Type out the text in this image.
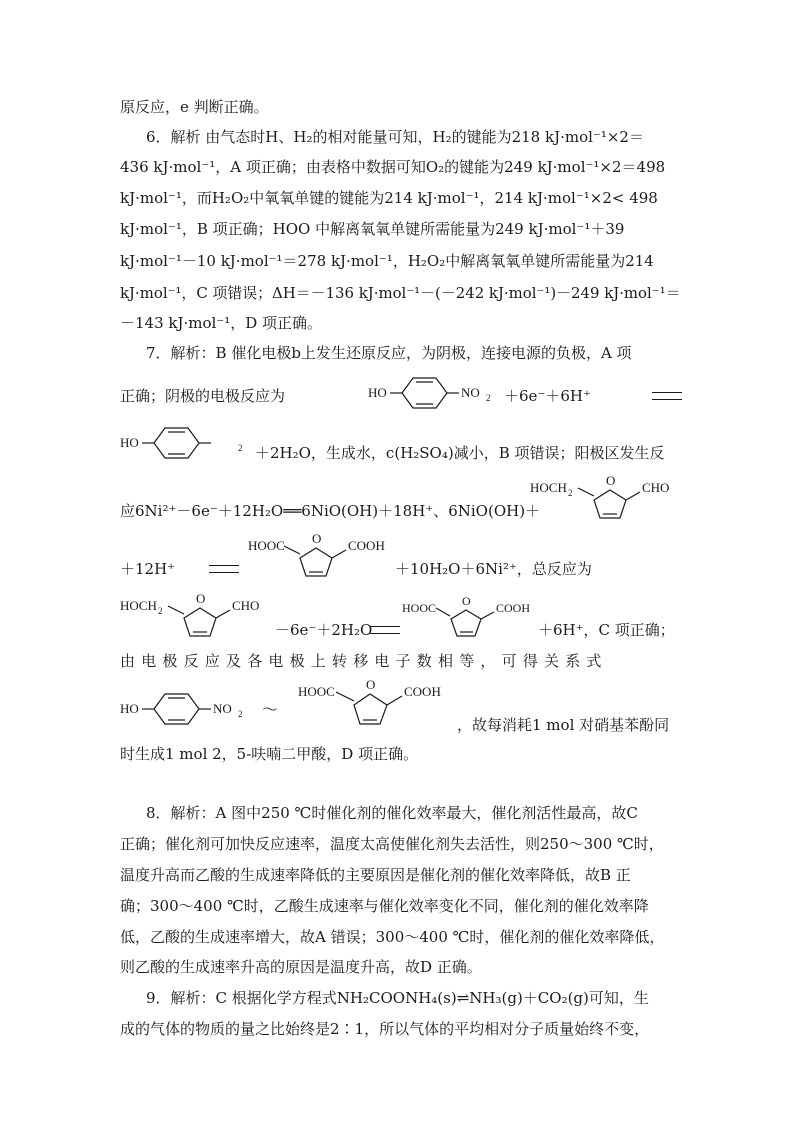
原反应，e 判断正确。
6．解析 由气态时H、H₂的相对能量可知，H₂的键能为218 kJ·mol⁻¹×2＝
436 kJ·mol⁻¹，A 项正确；由表格中数据可知O₂的键能为249 kJ·mol⁻¹×2＝498
kJ·mol⁻¹，而H₂O₂中氧氧单键的键能为214 kJ·mol⁻¹，214 kJ·mol⁻¹×2< 498
kJ·mol⁻¹，B 项正确；HOO 中解离氧氧单键所需能量为249 kJ·mol⁻¹＋39
kJ·mol⁻¹－10 kJ·mol⁻¹＝278 kJ·mol⁻¹，H₂O₂中解离氧氧单键所需能量为214
kJ·mol⁻¹，C 项错误；ΔH＝－136 kJ·mol⁻¹－(－242 kJ·mol⁻¹)－249 kJ·mol⁻¹＝
－143 kJ·mol⁻¹，D 项正确。
7．解析：B 催化电极b上发生还原反应，为阴极，连接电源的负极，A 项
正确；阴极的电极反应为	HO	NO 2 ＋6e⁻＋6H⁺
HO	2 ＋2H₂O，生成水，c(H₂SO₄)减小，B 项错误；阳极区发生反
应6Ni²⁺－6e⁻＋12H₂O══6NiO(OH)＋18H⁺、6NiO(OH)＋
HOCH 2
O CHO
＋12H⁺
HOOC O COOH
＋10H₂O＋6Ni²⁺，总反应为
HOCH 2
O CHO
－6e⁻＋2H₂O
HOOC O COOH
＋6H⁺，C 项正确；
由电极反应及各电极上转移电子数相等，可得关系式
HO	NO 2 ～
HOOC O COOH
，故每消耗1 mol 对硝基苯酚同
时生成1 mol 2，5-呋喃二甲酸，D 项正确。
8．解析：A 图中250 ℃时催化剂的催化效率最大，催化剂活性最高，故C
正确；催化剂可加快反应速率，温度太高使催化剂失去活性，则250～300 ℃时，
温度升高而乙酸的生成速率降低的主要原因是催化剂的催化效率降低，故B 正
确；300～400 ℃时，乙酸生成速率与催化效率变化不同，催化剂的催化效率降
低，乙酸的生成速率增大，故A 错误；300～400 ℃时，催化剂的催化效率降低，
则乙酸的生成速率升高的原因是温度升高，故D 正确。
9．解析：C 根据化学方程式NH₂COONH₄(s)⇌NH₃(g)＋CO₂(g)可知，生
成的气体的物质的量之比始终是2∶1，所以气体的平均相对分子质量始终不变，
